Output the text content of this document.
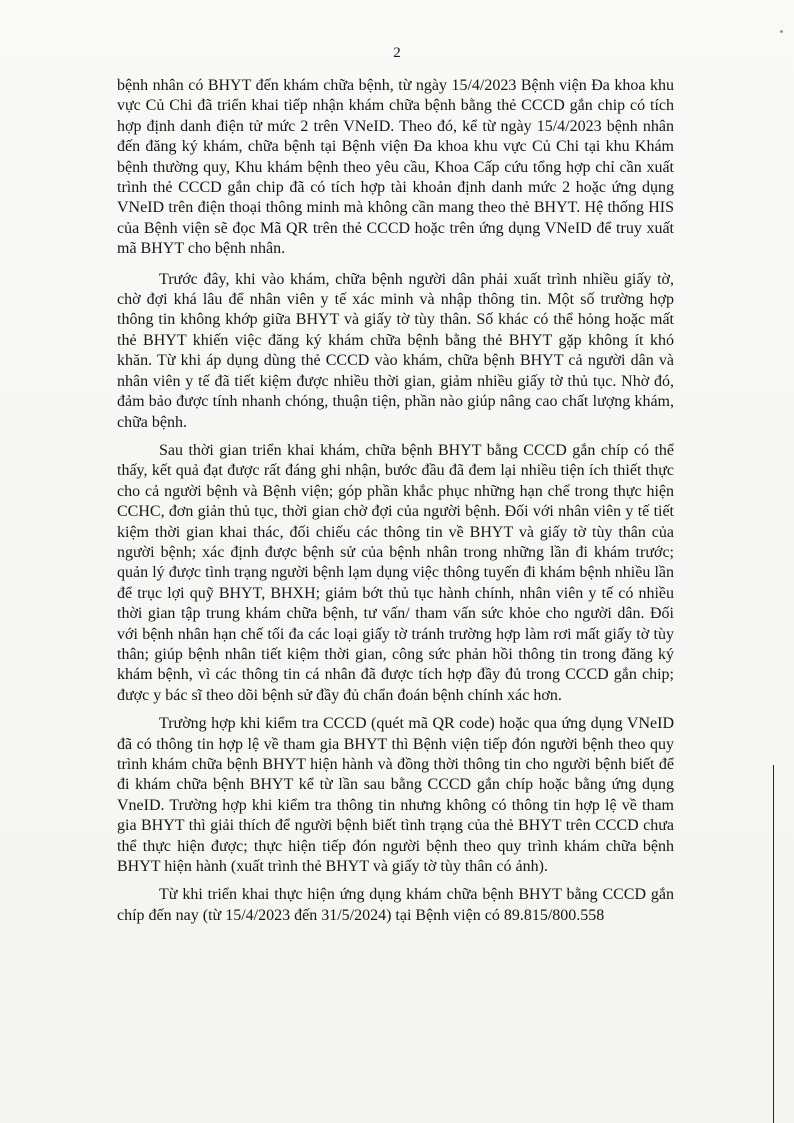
2

bệnh nhân có BHYT đến khám chữa bệnh, từ ngày 15/4/2023 Bệnh viện Đa khoa khu vực Củ Chi đã triển khai tiếp nhận khám chữa bệnh bằng thẻ CCCD gắn chip có tích hợp định danh điện tử mức 2 trên VNeID. Theo đó, kể từ ngày 15/4/2023 bệnh nhân đến đăng ký khám, chữa bệnh tại Bệnh viện Đa khoa khu vực Củ Chi tại khu Khám bệnh thường quy, Khu khám bệnh theo yêu cầu, Khoa Cấp cứu tổng hợp chỉ cần xuất trình thẻ CCCD gắn chip đã có tích hợp tài khoản định danh mức 2 hoặc ứng dụng VNeID trên điện thoại thông minh mà không cần mang theo thẻ BHYT. Hệ thống HIS của Bệnh viện sẽ đọc Mã QR trên thẻ CCCD hoặc trên ứng dụng VNeID để truy xuất mã BHYT cho bệnh nhân.

Trước đây, khi vào khám, chữa bệnh người dân phải xuất trình nhiều giấy tờ, chờ đợi khá lâu để nhân viên y tế xác minh và nhập thông tin. Một số trường hợp thông tin không khớp giữa BHYT và giấy tờ tùy thân. Số khác có thể hỏng hoặc mất thẻ BHYT khiến việc đăng ký khám chữa bệnh bằng thẻ BHYT gặp không ít khó khăn. Từ khi áp dụng dùng thẻ CCCD vào khám, chữa bệnh BHYT cả người dân và nhân viên y tế đã tiết kiệm được nhiều thời gian, giảm nhiều giấy tờ thủ tục. Nhờ đó, đảm bảo được tính nhanh chóng, thuận tiện, phần nào giúp nâng cao chất lượng khám, chữa bệnh.

Sau thời gian triển khai khám, chữa bệnh BHYT bằng CCCD gắn chíp có thể thấy, kết quả đạt được rất đáng ghi nhận, bước đầu đã đem lại nhiều tiện ích thiết thực cho cả người bệnh và Bệnh viện; góp phần khắc phục những hạn chế trong thực hiện CCHC, đơn giản thủ tục, thời gian chờ đợi của người bệnh. Đối với nhân viên y tế tiết kiệm thời gian khai thác, đối chiếu các thông tin về BHYT và giấy tờ tùy thân của người bệnh; xác định được bệnh sử của bệnh nhân trong những lần đi khám trước; quản lý được tình trạng người bệnh lạm dụng việc thông tuyến đi khám bệnh nhiều lần để trục lợi quỹ BHYT, BHXH; giảm bớt thủ tục hành chính, nhân viên y tế có nhiều thời gian tập trung khám chữa bệnh, tư vấn/ tham vấn sức khỏe cho người dân. Đối với bệnh nhân hạn chế tối đa các loại giấy tờ tránh trường hợp làm rơi mất giấy tờ tùy thân; giúp bệnh nhân tiết kiệm thời gian, công sức phản hồi thông tin trong đăng ký khám bệnh, vì các thông tin cá nhân đã được tích hợp đầy đủ trong CCCD gắn chip; được y bác sĩ theo dõi bệnh sử đầy đủ chẩn đoán bệnh chính xác hơn.

Trường hợp khi kiểm tra CCCD (quét mã QR code) hoặc qua ứng dụng VNeID đã có thông tin hợp lệ về tham gia BHYT thì Bệnh viện tiếp đón người bệnh theo quy trình khám chữa bệnh BHYT hiện hành và đồng thời thông tin cho người bệnh biết để đi khám chữa bệnh BHYT kể từ lần sau bằng CCCD gắn chíp hoặc bằng ứng dụng VneID. Trường hợp khi kiểm tra thông tin nhưng không có thông tin hợp lệ về tham gia BHYT thì giải thích để người bệnh biết tình trạng của thẻ BHYT trên CCCD chưa thể thực hiện được; thực hiện tiếp đón người bệnh theo quy trình khám chữa bệnh BHYT hiện hành (xuất trình thẻ BHYT và giấy tờ tùy thân có ảnh).

Từ khi triển khai thực hiện ứng dụng khám chữa bệnh BHYT bằng CCCD gắn chíp đến nay (từ 15/4/2023 đến 31/5/2024) tại Bệnh viện có 89.815/800.558
